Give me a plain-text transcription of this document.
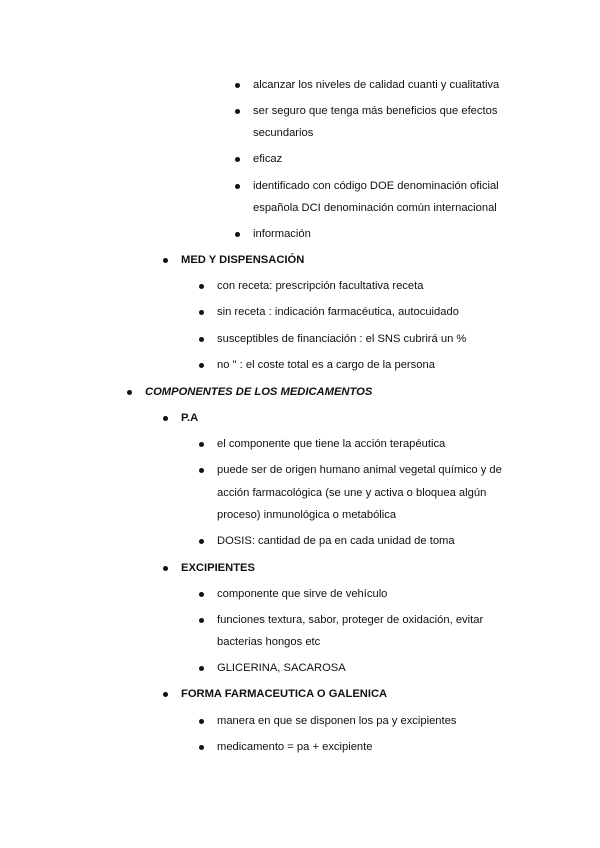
alcanzar los niveles de calidad cuanti y cualitativa

ser seguro que tenga más beneficios que efectos

secundarios

eficaz

identificado con código DOE denominación oficial

española DCI denominación común internacional

información

MED Y DISPENSACIÓN

con receta: prescripción facultativa receta

sin receta : indicación farmacéutica, autocuidado

susceptibles de financiación : el SNS cubrirá un %

no " : el coste total es a cargo de la persona

COMPONENTES DE LOS MEDICAMENTOS

P.A

el componente que tiene la acción terapéutica

puede ser de origen humano animal vegetal químico y de

acción farmacológica (se une y activa o bloquea algún

proceso) inmunológica o metabólica

DOSIS: cantidad de pa en cada unidad de toma

EXCIPIENTES

componente que sirve de vehículo

funciones textura, sabor, proteger de oxidación, evitar

bacterias hongos etc

GLICERINA, SACAROSA

FORMA FARMACEUTICA O GALENICA

manera en que se disponen los pa y excipientes

medicamento = pa + excipiente
